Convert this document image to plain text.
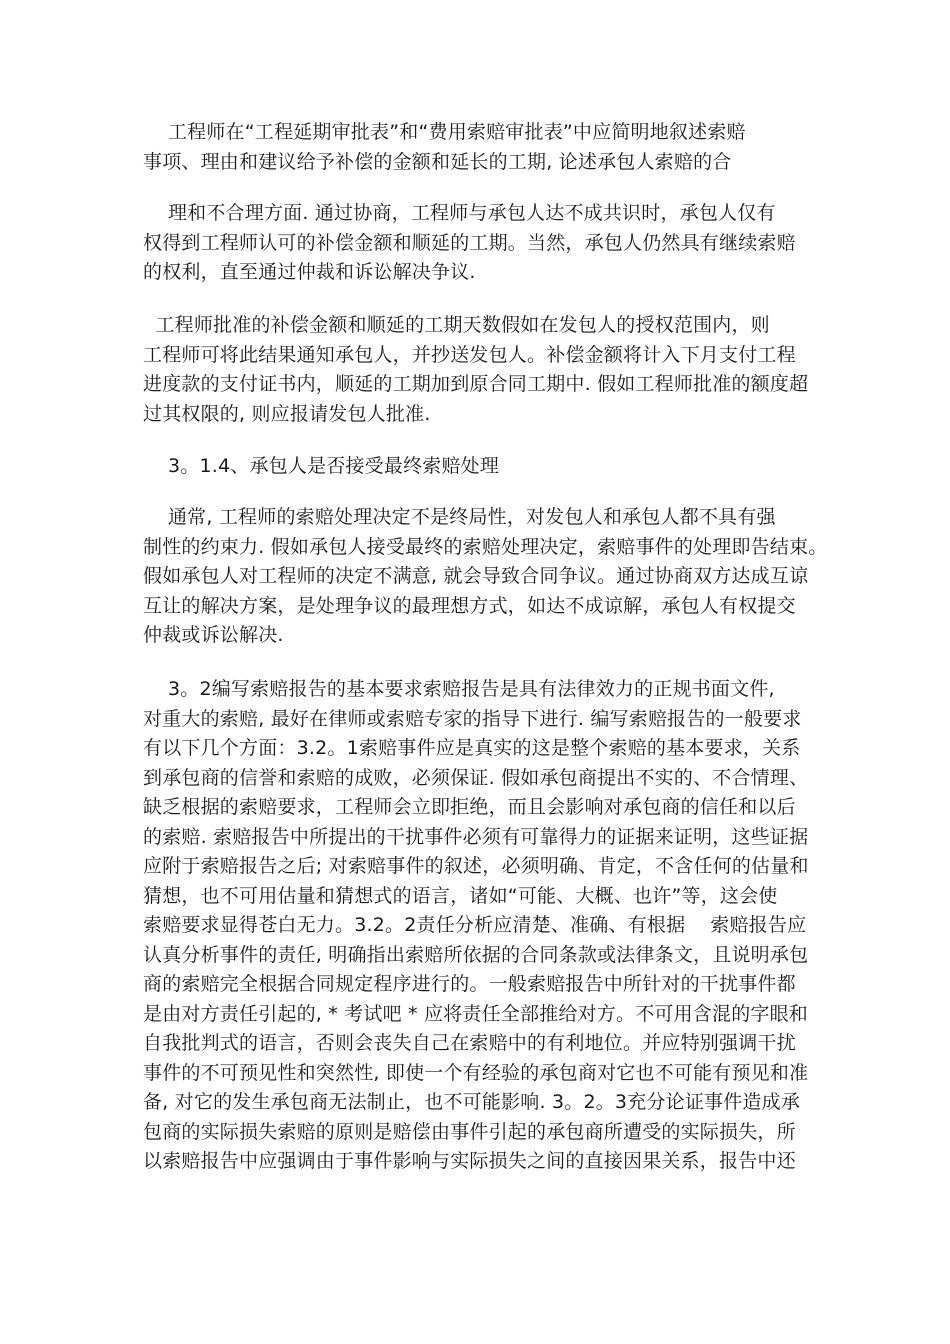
工程师在“工程延期审批表”和“费用索赔审批表”中应简明地叙述索赔
事项、理由和建议给予补偿的金额和延长的工期, 论述承包人索赔的合

理和不合理方面. 通过协商，工程师与承包人达不成共识时，承包人仅有
权得到工程师认可的补偿金额和顺延的工期。当然，承包人仍然具有继续索赔
的权利，直至通过仲裁和诉讼解决争议.

工程师批准的补偿金额和顺延的工期天数假如在发包人的授权范围内，则
工程师可将此结果通知承包人，并抄送发包人。补偿金额将计入下月支付工程
进度款的支付证书内，顺延的工期加到原合同工期中. 假如工程师批准的额度超
过其权限的, 则应报请发包人批准.

3。1.4、承包人是否接受最终索赔处理

通常, 工程师的索赔处理决定不是终局性，对发包人和承包人都不具有强
制性的约束力. 假如承包人接受最终的索赔处理决定，索赔事件的处理即告结束。
假如承包人对工程师的决定不满意, 就会导致合同争议。通过协商双方达成互谅
互让的解决方案，是处理争议的最理想方式，如达不成谅解，承包人有权提交
仲裁或诉讼解决.

3。2编写索赔报告的基本要求索赔报告是具有法律效力的正规书面文件,
对重大的索赔, 最好在律师或索赔专家的指导下进行. 编写索赔报告的一般要求
有以下几个方面：3.2。1索赔事件应是真实的这是整个索赔的基本要求，关系
到承包商的信誉和索赔的成败，必须保证. 假如承包商提出不实的、不合情理、
缺乏根据的索赔要求，工程师会立即拒绝，而且会影响对承包商的信任和以后
的索赔. 索赔报告中所提出的干扰事件必须有可靠得力的证据来证明，这些证据
应附于索赔报告之后; 对索赔事件的叙述，必须明确、肯定，不含任何的估量和
猜想，也不可用估量和猜想式的语言，诸如“可能、大概、也许”等，这会使
索赔要求显得苍白无力。3.2。2责任分析应清楚、准确、有根据    索赔报告应
认真分析事件的责任, 明确指出索赔所依据的合同条款或法律条文，且说明承包
商的索赔完全根据合同规定程序进行的。一般索赔报告中所针对的干扰事件都
是由对方责任引起的, * 考试吧 * 应将责任全部推给对方。不可用含混的字眼和
自我批判式的语言，否则会丧失自己在索赔中的有利地位。并应特别强调干扰
事件的不可预见性和突然性, 即使一个有经验的承包商对它也不可能有预见和准
备, 对它的发生承包商无法制止，也不可能影响. 3。2。3充分论证事件造成承
包商的实际损失索赔的原则是赔偿由事件引起的承包商所遭受的实际损失，所
以索赔报告中应强调由于事件影响与实际损失之间的直接因果关系，报告中还
